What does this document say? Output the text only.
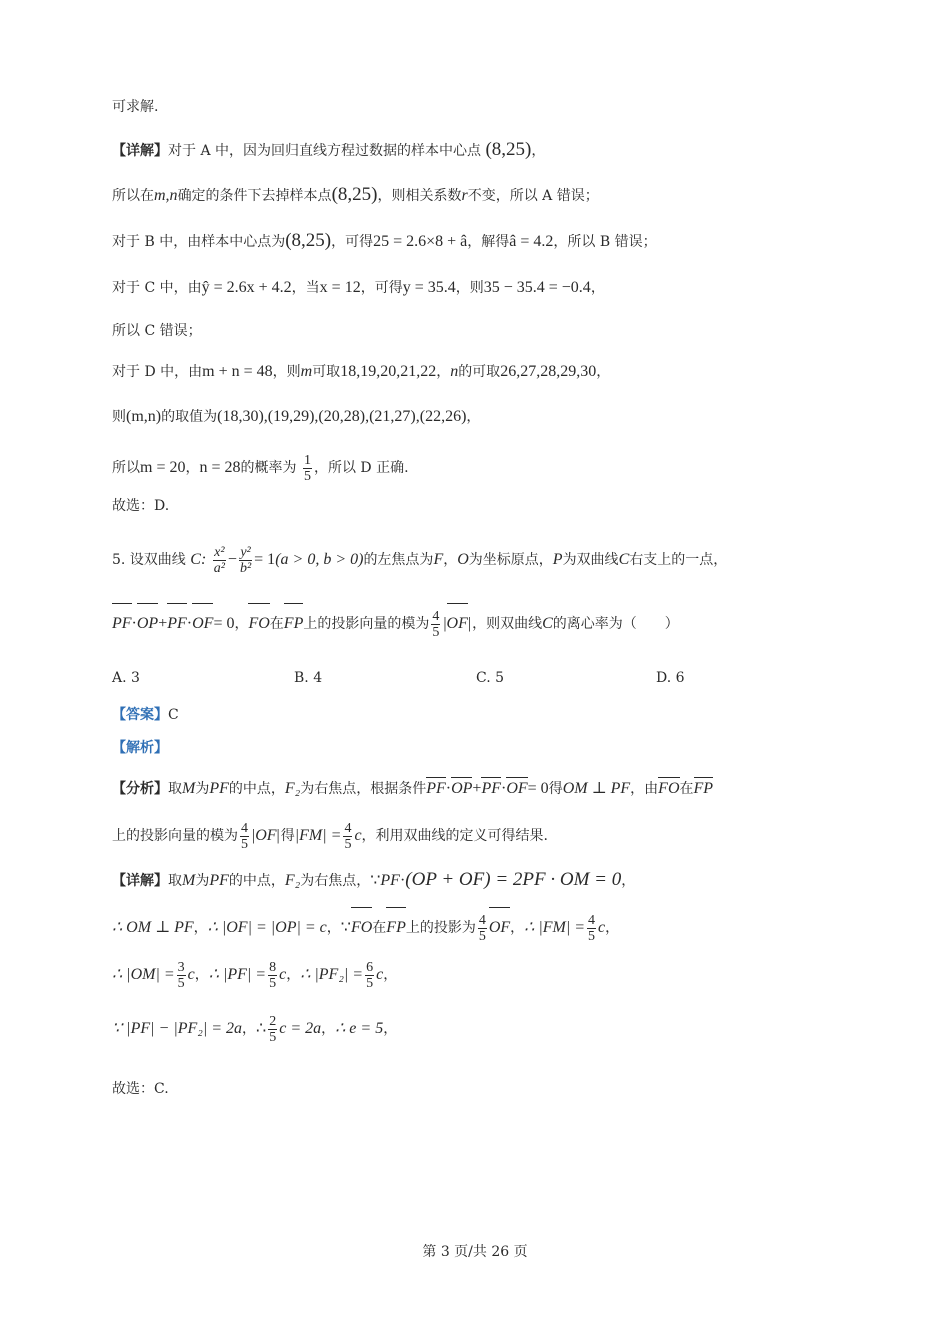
可求解.
【详解】对于 A 中，因为回归直线方程过数据的样本中心点 (8,25)，
所以在m,n确定的条件下去掉样本点(8,25)，则相关系数r不变，所以 A 错误；
对于 B 中，由样本中心点为(8,25)，可得25 = 2.6×8 + â，解得â = 4.2，所以 B 错误；
对于 C 中，由ŷ = 2.6x + 4.2，当x = 12，可得y = 35.4，则35 − 35.4 = −0.4，
所以 C 错误；
对于 D 中，由m + n = 48，则m可取18,19,20,21,22，n的可取26,27,28,29,30，
则(m,n)的取值为(18,30),(19,29),(20,28),(21,27),(22,26)，
所以m = 20，n = 28的概率为 $\frac{1}{5}$ ，所以 D 正确.
故选：D.
5. 设双曲线 C: $\frac{\text{x²}}{\text{a²}} - \frac{\text{y²}}{\text{b²}} = 1(a > 0$, b > 0)的左焦点为F，O为坐标原点，P为双曲线C右支上的一点，
PF·OP+PF·OF= 0，FO在FP上的投影向量的模为 $\frac{4}{5} |OF|$，则双曲线C的离心率为（　　）
A. 3	B. 4	C. 5	D. 6
【答案】C
【解析】
【分析】取M为PF的中点，F₂为右焦点，根据条件PF·OP+PF·OF= 0得OM ⊥ PF，由FO在FP
上的投影向量的模为 $\frac{4}{5} |OF|$得$|FM| = \frac{4}{5}$ c，利用双曲线的定义可得结果.
【详解】取M为PF的中点，F₂为右焦点，∵PF·(OP + OF) = 2PF · OM = 0，
∴ OM ⊥ PF，∴ |OF| = |OP| = c，∵FO在FP上的投影为 $\frac{4}{5}$ OF，∴ $|FM| = \frac{4}{5}$ c，
∴ $|OM| = \frac{3}{5}$ c，∴ $|PF| = \frac{8}{5}$ c，∴ $|PF_2| = \frac{6}{5}$ c，
∵ |PF| − |PF₂| = 2a，∴ $\frac{2}{5}$ c = 2a，∴ e = 5，
故选：C.
第 3 页/共 26 页
